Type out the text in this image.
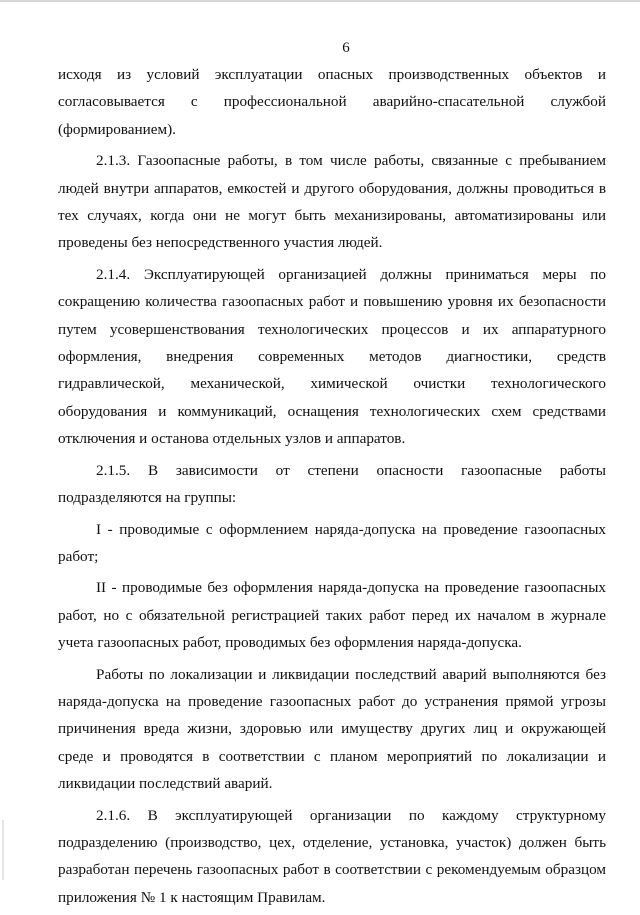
6

исходя из условий эксплуатации опасных производственных объектов и согласовывается с профессиональной аварийно-спасательной службой (формированием).

2.1.3. Газоопасные работы, в том числе работы, связанные с пребыванием людей внутри аппаратов, емкостей и другого оборудования, должны проводиться в тех случаях, когда они не могут быть механизированы, автоматизированы или проведены без непосредственного участия людей.

2.1.4. Эксплуатирующей организацией должны приниматься меры по сокращению количества газоопасных работ и повышению уровня их безопасности путем усовершенствования технологических процессов и их аппаратурного оформления, внедрения современных методов диагностики, средств гидравлической, механической, химической очистки технологического оборудования и коммуникаций, оснащения технологических схем средствами отключения и останова отдельных узлов и аппаратов.

2.1.5. В зависимости от степени опасности газоопасные работы подразделяются на группы:

I - проводимые с оформлением наряда-допуска на проведение газоопасных работ;

II - проводимые без оформления наряда-допуска на проведение газоопасных работ, но с обязательной регистрацией таких работ перед их началом в журнале учета газоопасных работ, проводимых без оформления наряда-допуска.

Работы по локализации и ликвидации последствий аварий выполняются без наряда-допуска на проведение газоопасных работ до устранения прямой угрозы причинения вреда жизни, здоровью или имуществу других лиц и окружающей среде и проводятся в соответствии с планом мероприятий по локализации и ликвидации последствий аварий.

2.1.6. В эксплуатирующей организации по каждому структурному подразделению (производство, цех, отделение, установка, участок) должен быть разработан перечень газоопасных работ в соответствии с рекомендуемым образцом приложения № 1 к настоящим Правилам.
